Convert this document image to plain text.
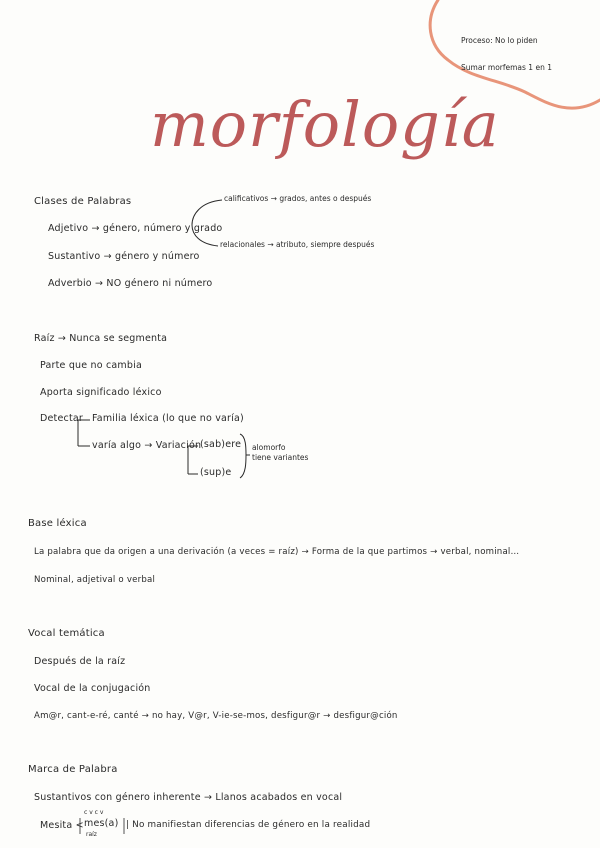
Proceso: No lo piden
Sumar morfemas 1 en 1
morfología
Clases de Palabras
Adjetivo → género, número y grado
Sustantivo → género y número
Adverbio → NO género ni número
calificativos → grados, antes o después
relacionales → atributo, siempre después
Raíz → Nunca se segmenta
Parte que no cambia
Aporta significado léxico
Detectar Familia léxica (lo que no varía)
varía algo → Variación
(sab)ere
(sup)e
alomorfo
tiene variantes
Base léxica
La palabra que da origen a una derivación (a veces = raíz) → Forma de la que partimos → verbal, nominal…
Nominal, adjetival o verbal
Vocal temática
Después de la raíz
Vocal de la conjugación
Am@r, cant-e-ré, canté → no hay, V@r, V-ie-se-mos, desfigur@r → desfigur@ción
Marca de Palabra
Sustantivos con género inherente → Llanos acabados en vocal
Mesita <
c v c v
mes(a)
raíz
| No manifiestan diferencias de género en la realidad
